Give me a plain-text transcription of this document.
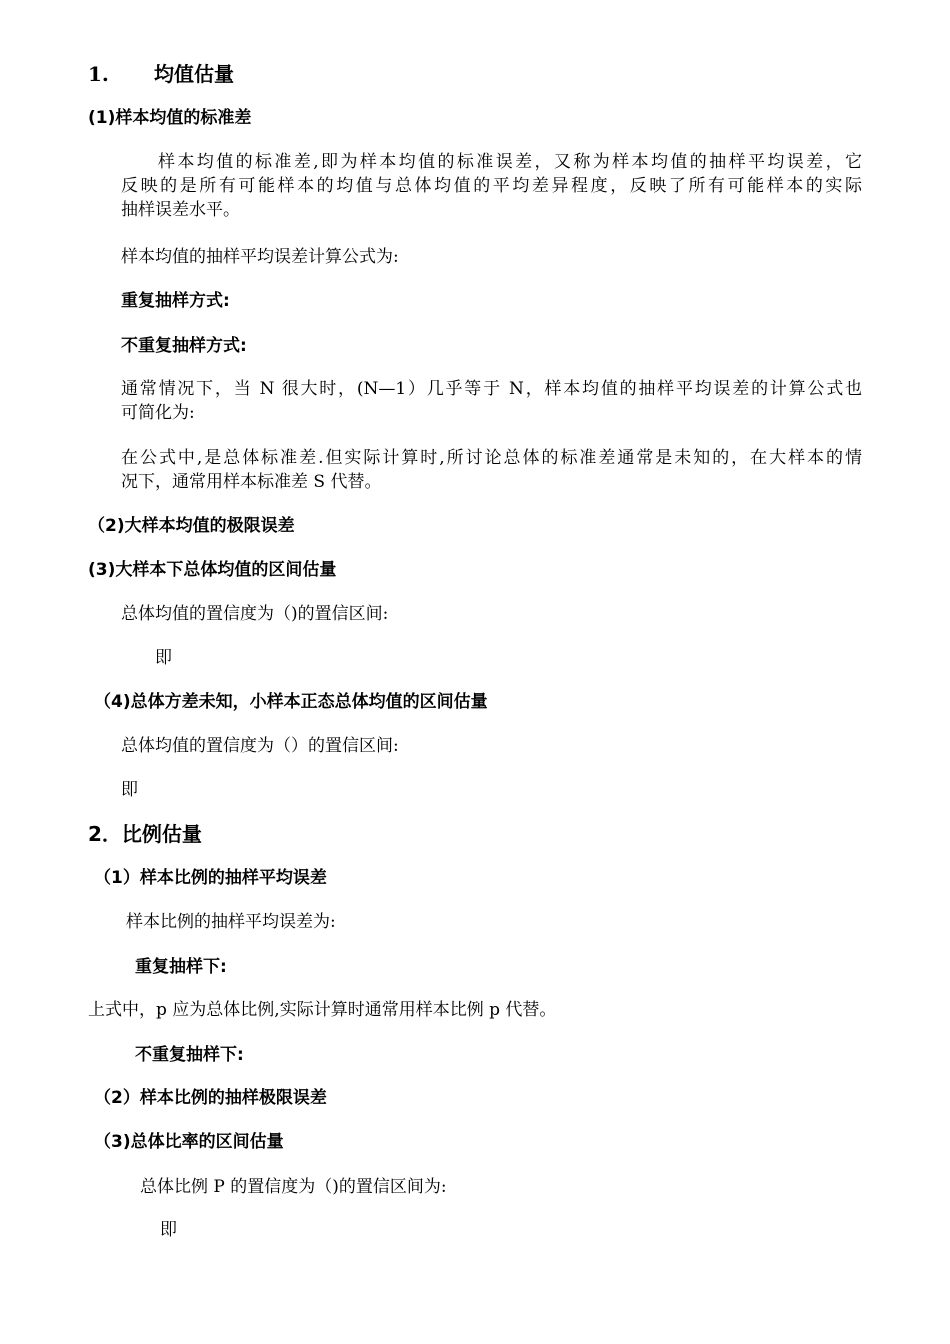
1. 均值估量
(1)样本均值的标准差
样本均值的标准差,即为样本均值的标准误差，又称为样本均值的抽样平均误差，它
反映的是所有可能样本的均值与总体均值的平均差异程度，反映了所有可能样本的实际
抽样误差水平。
样本均值的抽样平均误差计算公式为:
重复抽样方式:
不重复抽样方式:
通常情况下，当 N 很大时，(N—1）几乎等于 N，样本均值的抽样平均误差的计算公式也
可简化为:
在公式中,是总体标准差.但实际计算时,所讨论总体的标准差通常是未知的，在大样本的情
况下，通常用样本标准差 S 代替。
（2)大样本均值的极限误差
(3)大样本下总体均值的区间估量
总体均值的置信度为（)的置信区间:
即
（4)总体方差未知，小样本正态总体均值的区间估量
总体均值的置信度为（）的置信区间:
即
2．比例估量
（1）样本比例的抽样平均误差
样本比例的抽样平均误差为:
重复抽样下:
上式中，p 应为总体比例,实际计算时通常用样本比例 p 代替。
不重复抽样下:
（2）样本比例的抽样极限误差
（3)总体比率的区间估量
总体比例 P 的置信度为（)的置信区间为:
即
